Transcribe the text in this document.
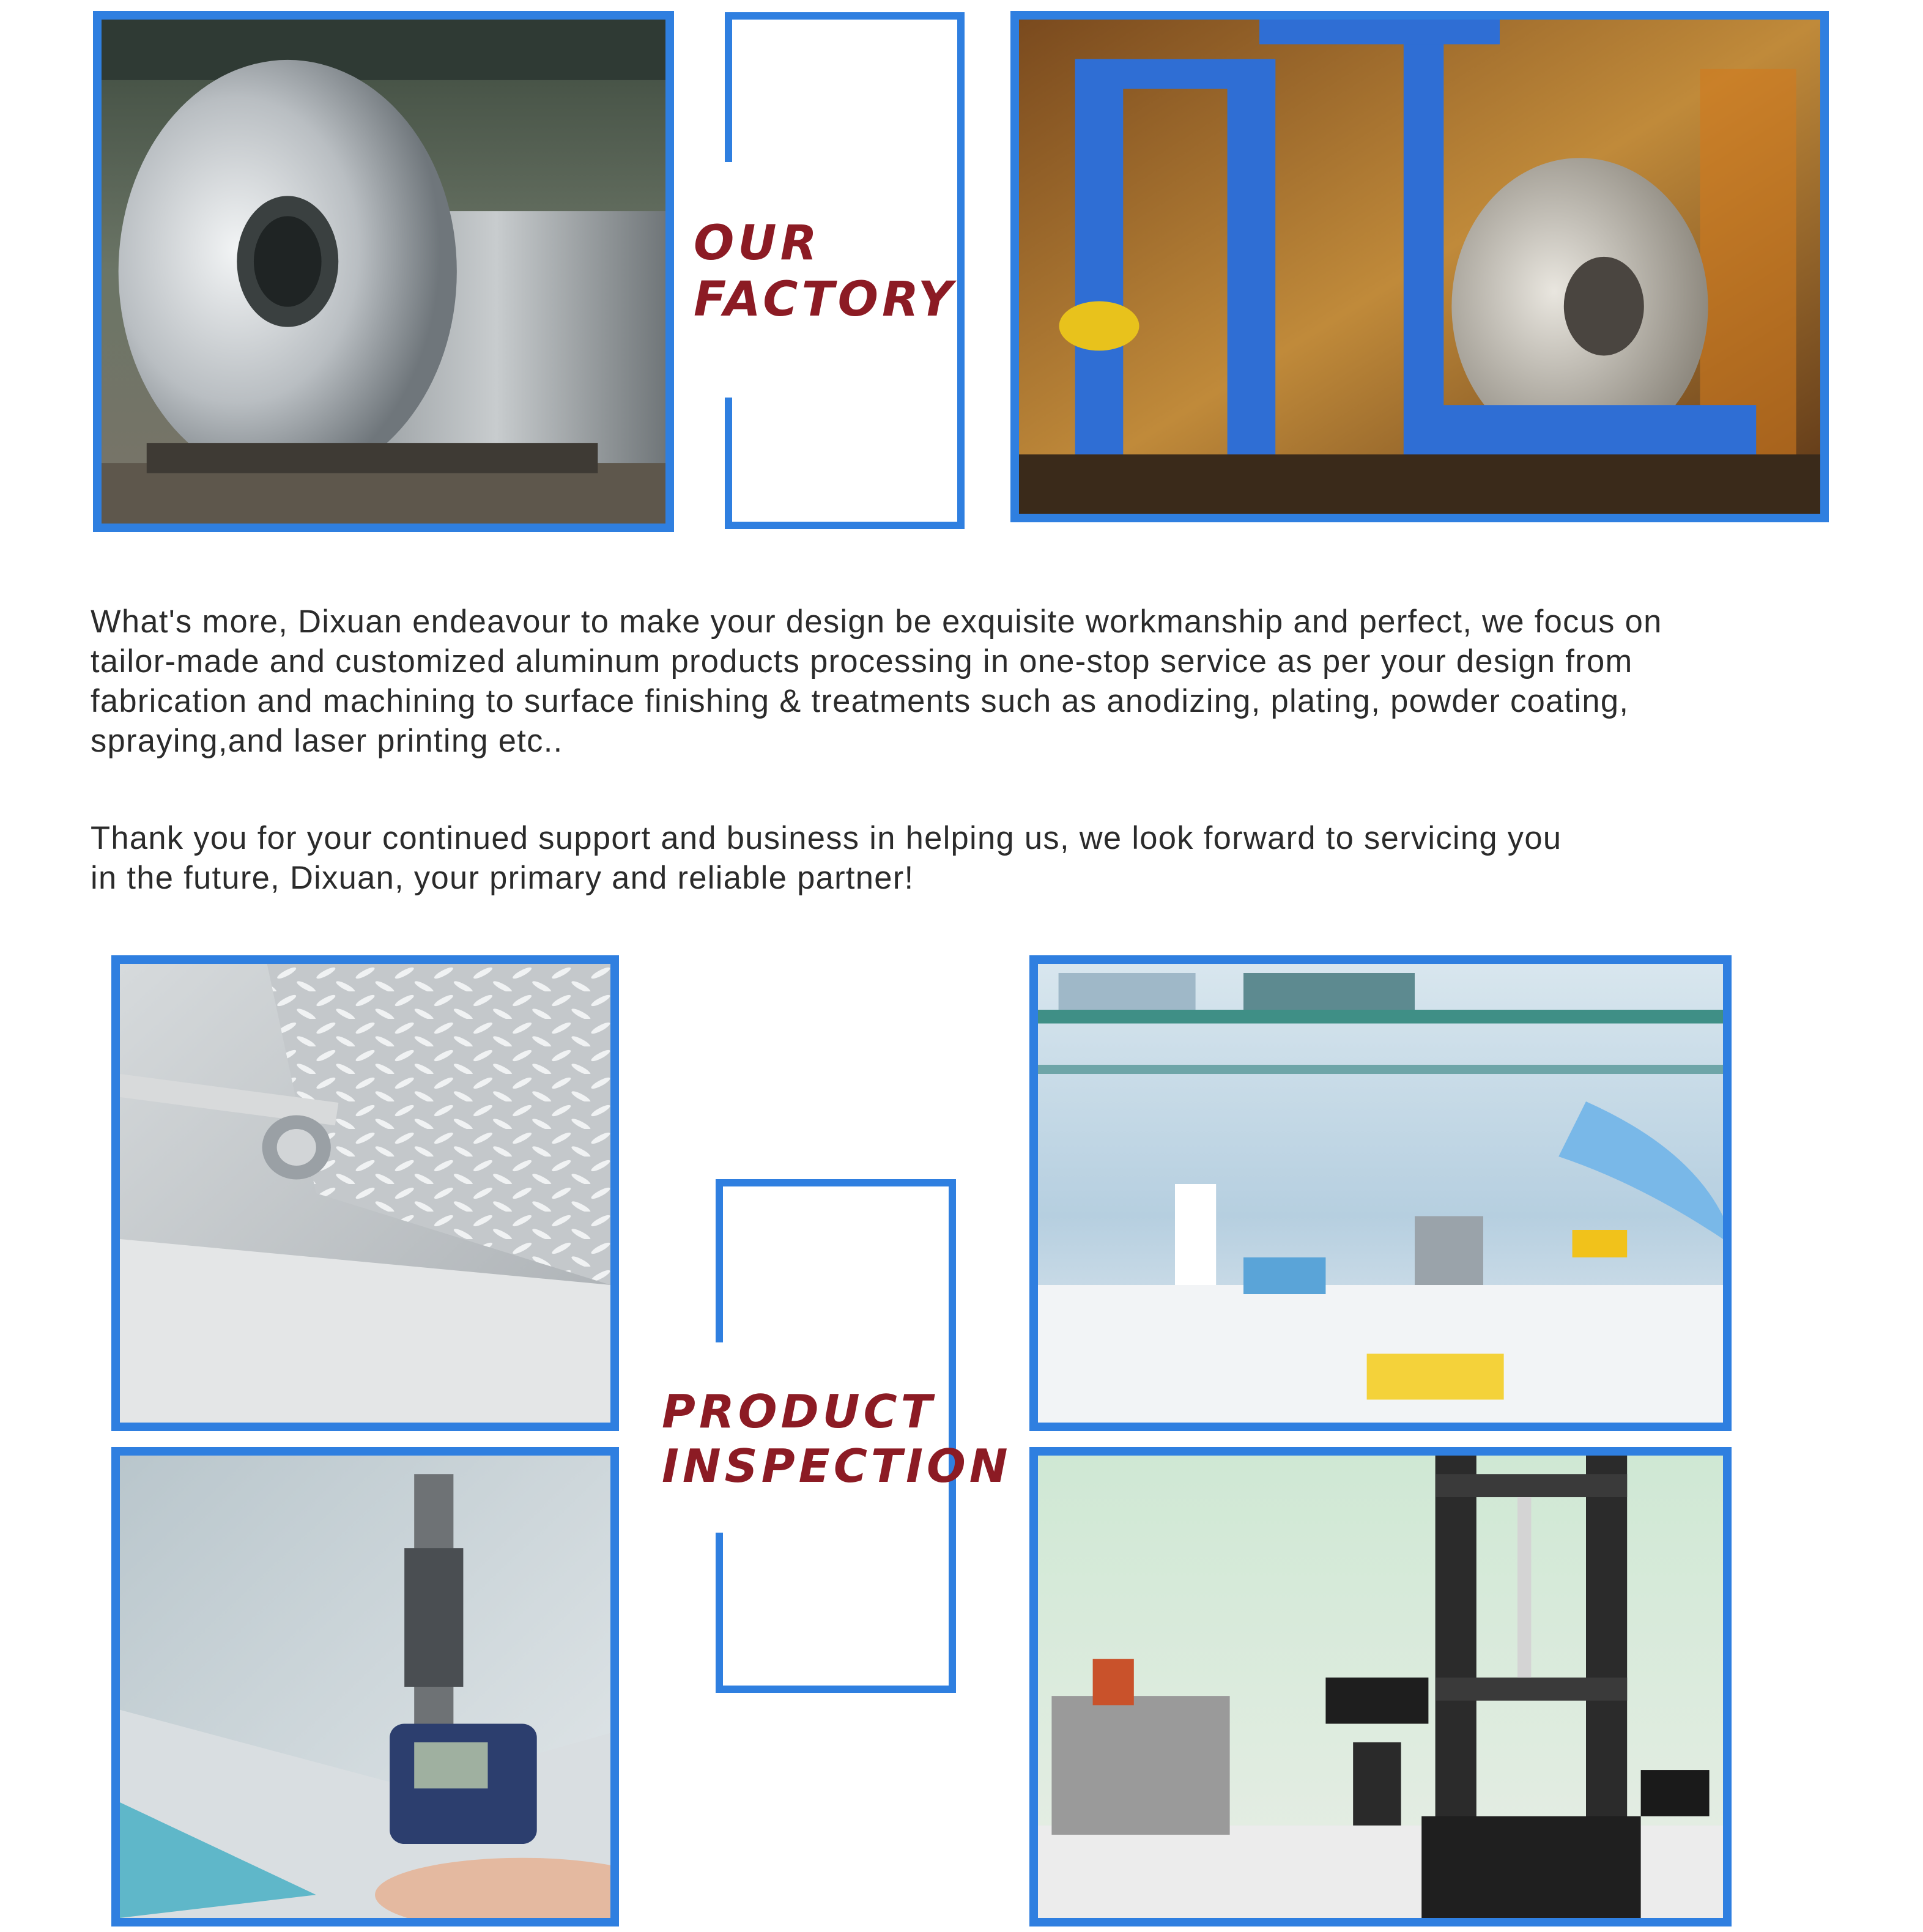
OUR
FACTORY

What's more, Dixuan endeavour to make your design be exquisite workmanship and perfect, we focus on
tailor-made and customized aluminum products processing in one-stop service as per your design from
fabrication and machining to surface finishing & treatments such as anodizing, plating, powder coating,
spraying,and laser printing etc..

Thank you for your continued support and business in helping us, we look forward to servicing you
in the future, Dixuan, your primary and reliable partner!

PRODUCT
INSPECTION
